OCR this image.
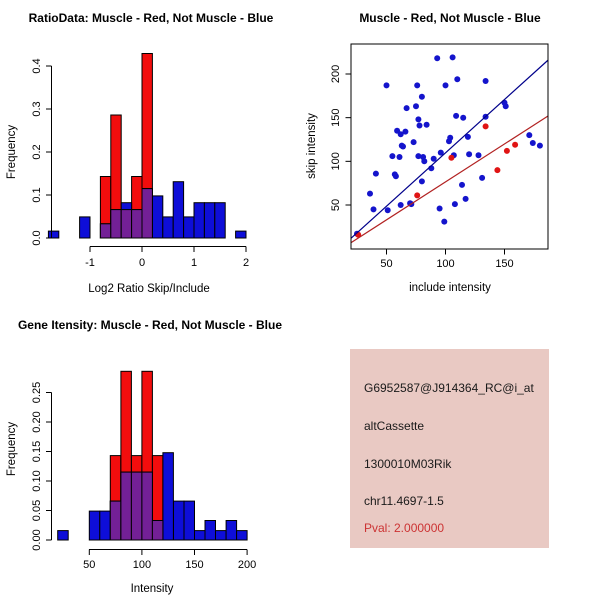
-1	0	1	2
0.0
0.1
0.2
0.3
0.4
Log2 Ratio Skip/Include
Frequency
RatioData: Muscle - Red, Not Muscle - Blue
50	100	150
50
100
150
200
include intensity
skip intensity
Muscle - Red, Not Muscle - Blue
50	100	150	200
0.00
0.05
0.10
0.15
0.20
0.25
Intensity
Frequency
Gene Itensity: Muscle - Red, Not Muscle - Blue
G6952587@J914364_RC@i_at
altCassette
1300010M03Rik
chr11.4697-1.5
Pval: 2.000000
